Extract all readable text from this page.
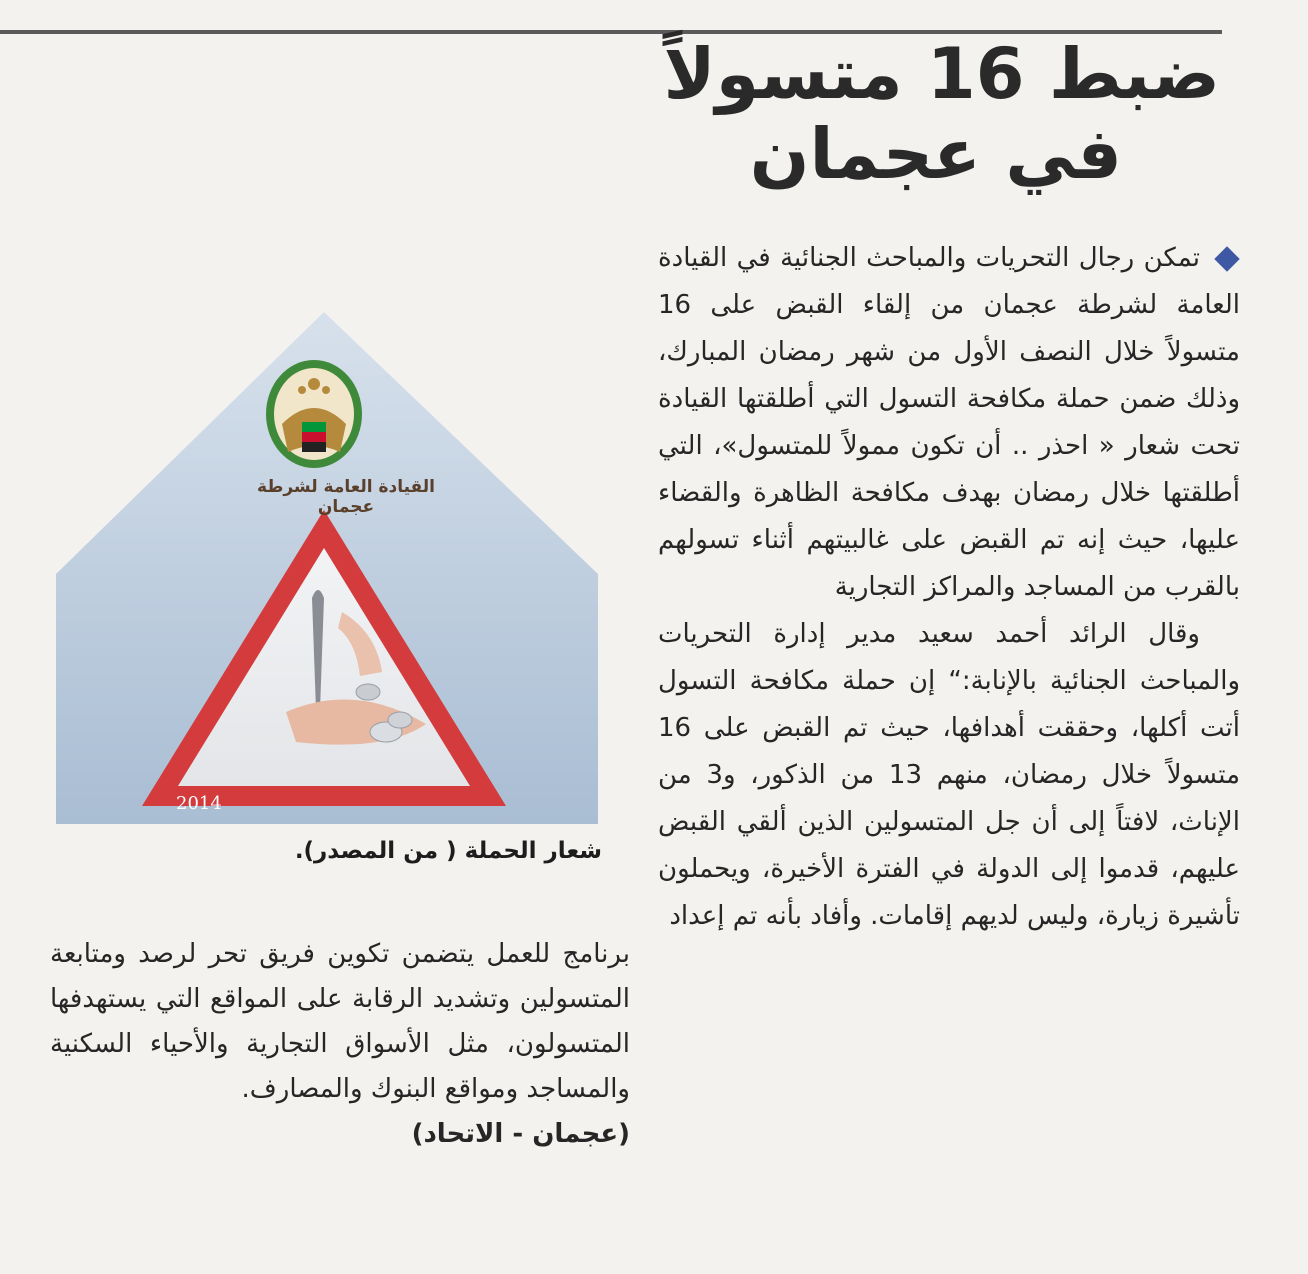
ضبط 16 متسولاً
في عجمان

تمكن رجال التحريات والمباحث الجنائية في القيادة العامة لشرطة عجمان من إلقاء القبض على 16 متسولاً خلال النصف الأول من شهر رمضان المبارك، وذلك ضمن حملة مكافحة التسول التي أطلقتها القيادة تحت شعار « احذر .. أن تكون ممولاً للمتسول»، التي أطلقتها خلال رمضان بهدف مكافحة الظاهرة والقضاء عليها، حيث إنه تم القبض على غالبيتهم أثناء تسولهم بالقرب من المساجد والمراكز التجارية

وقال الرائد أحمد سعيد مدير إدارة التحريات والمباحث الجنائية بالإنابة:“ إن حملة مكافحة التسول أتت أكلها، وحققت أهدافها، حيث تم القبض على 16 متسولاً خلال رمضان، منهم 13 من الذكور، و3 من الإناث، لافتاً إلى أن جل المتسولين الذين ألقي القبض عليهم، قدموا إلى الدولة في الفترة الأخيرة، ويحملون تأشيرة زيارة، وليس لديهم إقامات. وأفاد بأنه تم إعداد

2014
القيادة العامة لشرطة عجمان
شعار الحملة ( من المصدر).

برنامج للعمل يتضمن تكوين فريق تحر لرصد ومتابعة المتسولين وتشديد الرقابة على المواقع التي يستهدفها المتسولون، مثل الأسواق التجارية والأحياء السكنية والمساجد ومواقع البنوك والمصارف.

(عجمان - الاتحاد)
